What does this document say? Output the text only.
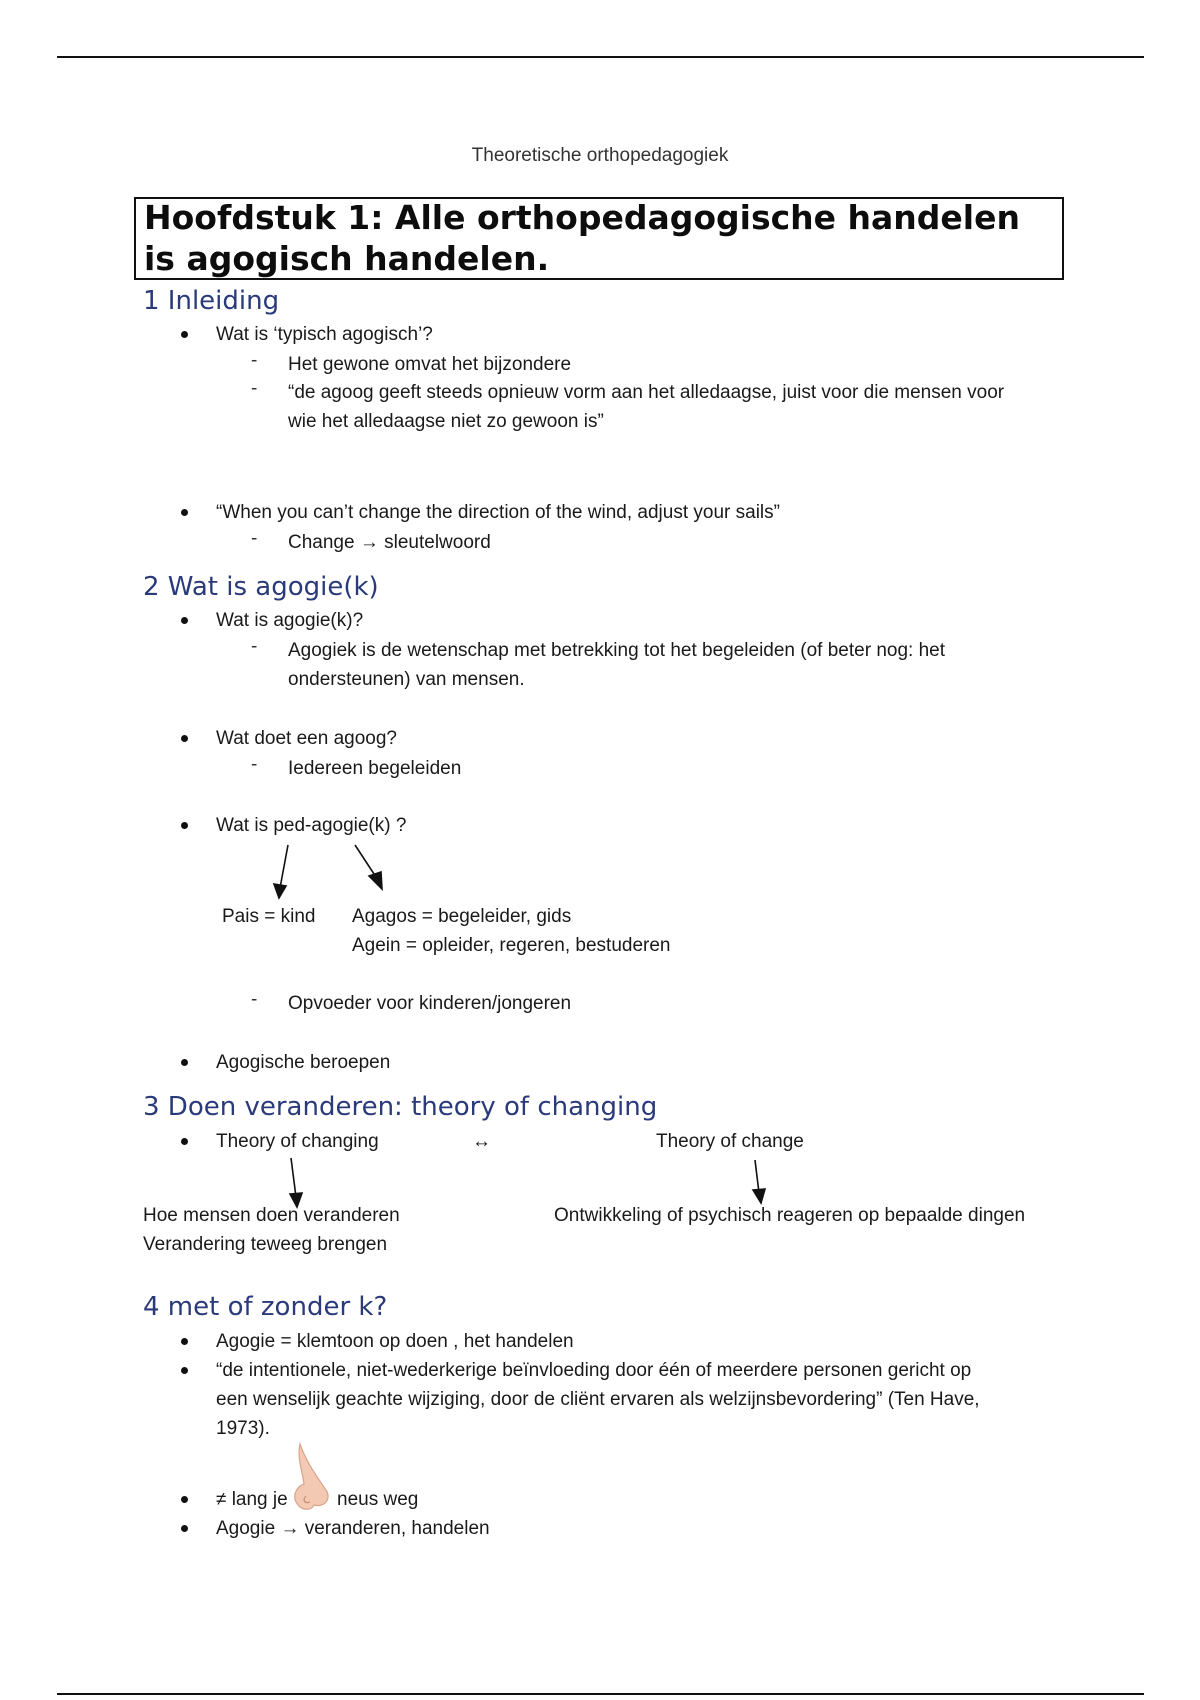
Theoretische orthopedagogiek
Hoofdstuk 1: Alle orthopedagogische handelen is agogisch handelen.
1 Inleiding
Wat is ‘typisch agogisch’?
- Het gewone omvat het bijzondere
- “de agoog geeft steeds opnieuw vorm aan het alledaagse, juist voor die mensen voor
wie het alledaagse niet zo gewoon is”
“When you can’t change the direction of the wind, adjust your sails”
- Change → sleutelwoord
2 Wat is agogie(k)
Wat is agogie(k)?
- Agogiek is de wetenschap met betrekking tot het begeleiden (of beter nog: het
ondersteunen) van mensen.
Wat doet een agoog?
- Iedereen begeleiden
Wat is ped-agogie(k) ?
Pais = kind Agagos = begeleider, gids
Agein = opleider, regeren, bestuderen
- Opvoeder voor kinderen/jongeren
Agogische beroepen
3 Doen veranderen: theory of changing
Theory of changing	↔	Theory of change
Hoe mensen doen veranderen
Verandering teweeg brengen
Ontwikkeling of psychisch reageren op bepaalde dingen
4 met of zonder k?
Agogie = klemtoon op doen , het handelen
“de intentionele, niet-wederkerige beïnvloeding door één of meerdere personen gericht op
een wenselijk geachte wijziging, door de cliënt ervaren als welzijnsbevordering” (Ten Have,
1973).
≠ lang je	neus weg
Agogie → veranderen, handelen
